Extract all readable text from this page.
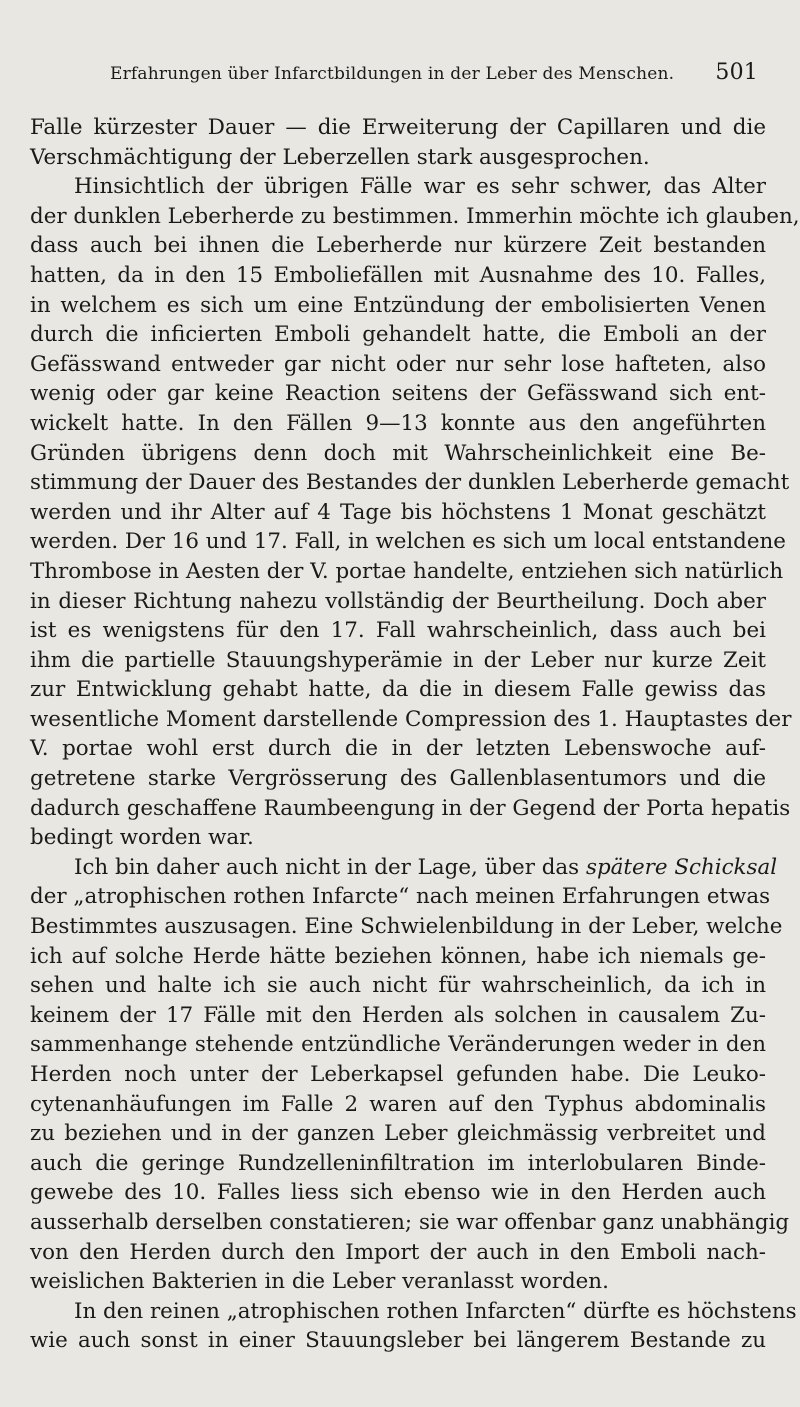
Erfahrungen über Infarctbildungen in der Leber des Menschen. 501
Falle kürzester Dauer — die Erweiterung der Capillaren und die
Verschmächtigung der Leberzellen stark ausgesprochen.
Hinsichtlich der übrigen Fälle war es sehr schwer, das Alter
der dunklen Leberherde zu bestimmen. Immerhin möchte ich glauben,
dass auch bei ihnen die Leberherde nur kürzere Zeit bestanden
hatten, da in den 15 Emboliefällen mit Ausnahme des 10. Falles,
in welchem es sich um eine Entzündung der embolisierten Venen
durch die inficierten Emboli gehandelt hatte, die Emboli an der
Gefässwand entweder gar nicht oder nur sehr lose hafteten, also
wenig oder gar keine Reaction seitens der Gefässwand sich ent-
wickelt hatte. In den Fällen 9—13 konnte aus den angeführten
Gründen übrigens denn doch mit Wahrscheinlichkeit eine Be-
stimmung der Dauer des Bestandes der dunklen Leberherde gemacht
werden und ihr Alter auf 4 Tage bis höchstens 1 Monat geschätzt
werden. Der 16 und 17. Fall, in welchen es sich um local entstandene
Thrombose in Aesten der V. portae handelte, entziehen sich natürlich
in dieser Richtung nahezu vollständig der Beurtheilung. Doch aber
ist es wenigstens für den 17. Fall wahrscheinlich, dass auch bei
ihm die partielle Stauungshyperämie in der Leber nur kurze Zeit
zur Entwicklung gehabt hatte, da die in diesem Falle gewiss das
wesentliche Moment darstellende Compression des 1. Hauptastes der
V. portae wohl erst durch die in der letzten Lebenswoche auf-
getretene starke Vergrösserung des Gallenblasentumors und die
dadurch geschaffene Raumbeengung in der Gegend der Porta hepatis
bedingt worden war.
Ich bin daher auch nicht in der Lage, über das spätere Schicksal
der „atrophischen rothen Infarcte“ nach meinen Erfahrungen etwas
Bestimmtes auszusagen. Eine Schwielenbildung in der Leber, welche
ich auf solche Herde hätte beziehen können, habe ich niemals ge-
sehen und halte ich sie auch nicht für wahrscheinlich, da ich in
keinem der 17 Fälle mit den Herden als solchen in causalem Zu-
sammenhange stehende entzündliche Veränderungen weder in den
Herden noch unter der Leberkapsel gefunden habe. Die Leuko-
cytenanhäufungen im Falle 2 waren auf den Typhus abdominalis
zu beziehen und in der ganzen Leber gleichmässig verbreitet und
auch die geringe Rundzelleninfiltration im interlobularen Binde-
gewebe des 10. Falles liess sich ebenso wie in den Herden auch
ausserhalb derselben constatieren; sie war offenbar ganz unabhängig
von den Herden durch den Import der auch in den Emboli nach-
weislichen Bakterien in die Leber veranlasst worden.
In den reinen „atrophischen rothen Infarcten“ dürfte es höchstens
wie auch sonst in einer Stauungsleber bei längerem Bestande zu
